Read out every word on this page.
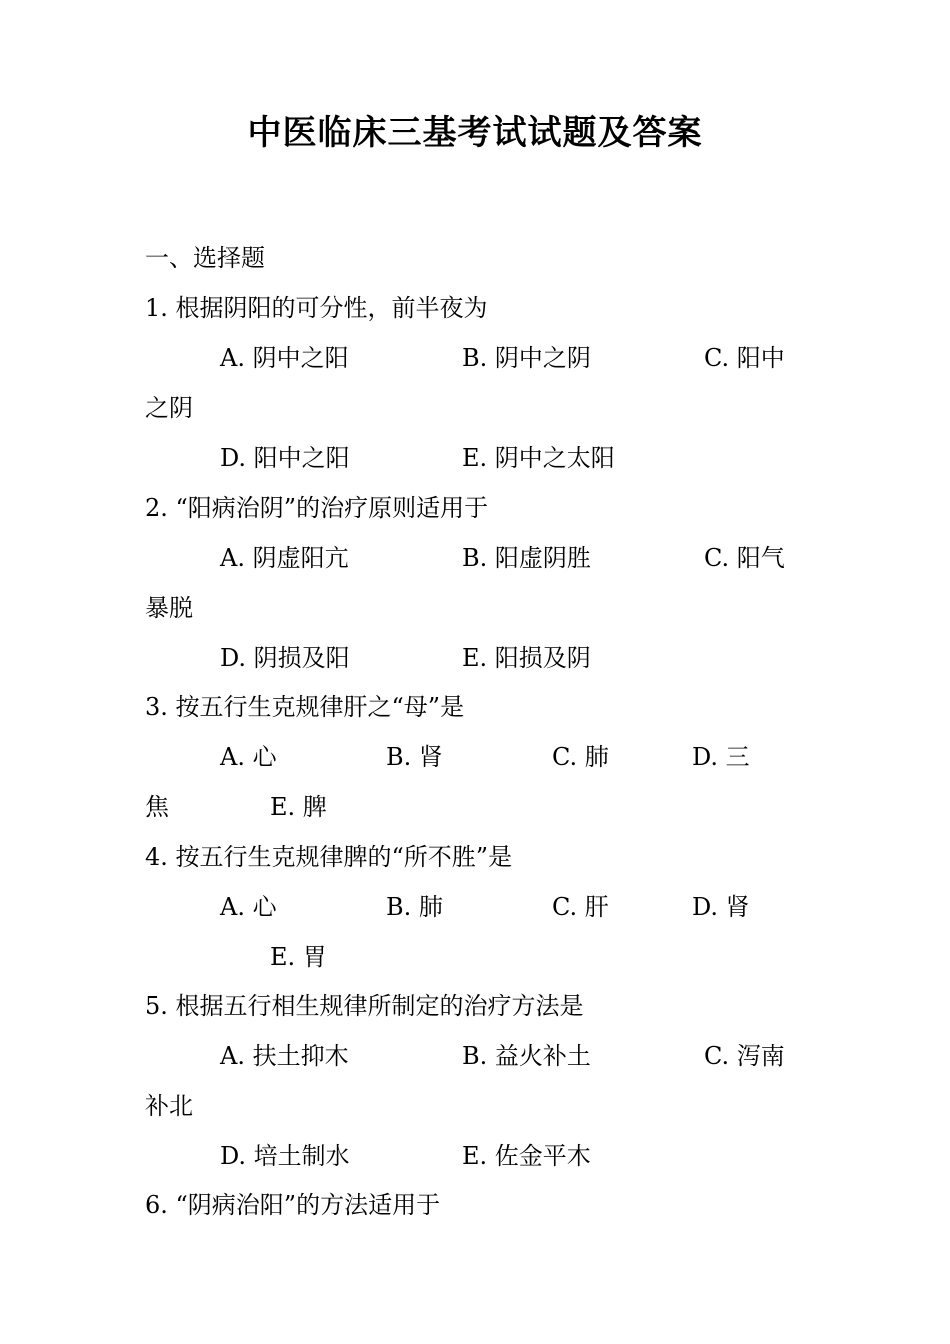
中医临床三基考试试题及答案
一、选择题
1. 根据阴阳的可分性，前半夜为
A. 阴中之阳	B. 阴中之阴	C. 阳中
之阴
D. 阳中之阳	E. 阴中之太阳
2. “阳病治阴”的治疗原则适用于
A. 阴虚阳亢	B. 阳虚阴胜	C. 阳气
暴脱
D. 阴损及阳	E. 阳损及阴
3. 按五行生克规律肝之“母”是
A. 心	B. 肾	C. 肺	D. 三
焦	E. 脾
4. 按五行生克规律脾的“所不胜”是
A. 心	B. 肺	C. 肝	D. 肾
E. 胃
5. 根据五行相生规律所制定的治疗方法是
A. 扶土抑木	B. 益火补土	C. 泻南
补北
D. 培土制水	E. 佐金平木
6. “阴病治阳”的方法适用于
